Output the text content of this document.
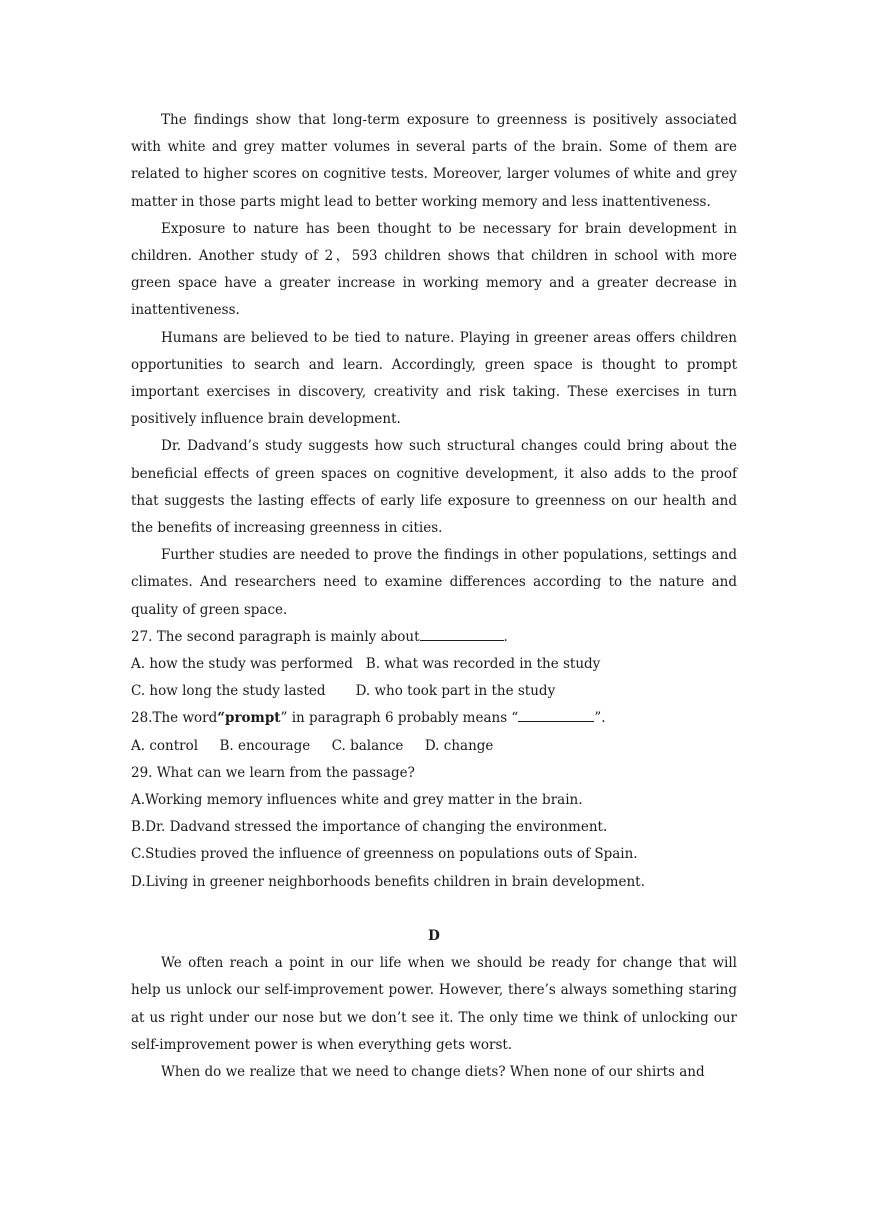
The findings show that long-term exposure to greenness is positively associated with white and grey matter volumes in several parts of the brain. Some of them are related to higher scores on cognitive tests. Moreover, larger volumes of white and grey matter in those parts might lead to better working memory and less inattentiveness.

Exposure to nature has been thought to be necessary for brain development in children. Another study of 2，593 children shows that children in school with more green space have a greater increase in working memory and a greater decrease in inattentiveness.

Humans are believed to be tied to nature. Playing in greener areas offers children opportunities to search and learn. Accordingly, green space is thought to prompt important exercises in discovery, creativity and risk taking. These exercises in turn positively influence brain development.

Dr. Dadvand’s study suggests how such structural changes could bring about the beneficial effects of green spaces on cognitive development, it also adds to the proof that suggests the lasting effects of early life exposure to greenness on our health and the benefits of increasing greenness in cities.

Further studies are needed to prove the findings in other populations, settings and climates. And researchers need to examine differences according to the nature and quality of green space.

27. The second paragraph is mainly about	.

A. how the study was performed   B. what was recorded in the study

C. how long the study lasted       D. who took part in the study

28.The word“prompt” in paragraph 6 probably means “	”.

A. control     B. encourage     C. balance     D. change

29. What can we learn from the passage?

A.Working memory influences white and grey matter in the brain.

B.Dr. Dadvand stressed the importance of changing the environment.

C.Studies proved the influence of greenness on populations outs of Spain.

D.Living in greener neighborhoods benefits children in brain development.

D

We often reach a point in our life when we should be ready for change that will help us unlock our self-improvement power. However, there’s always something staring at us right under our nose but we don’t see it. The only time we think of unlocking our self-improvement power is when everything gets worst.

When do we realize that we need to change diets? When none of our shirts and
